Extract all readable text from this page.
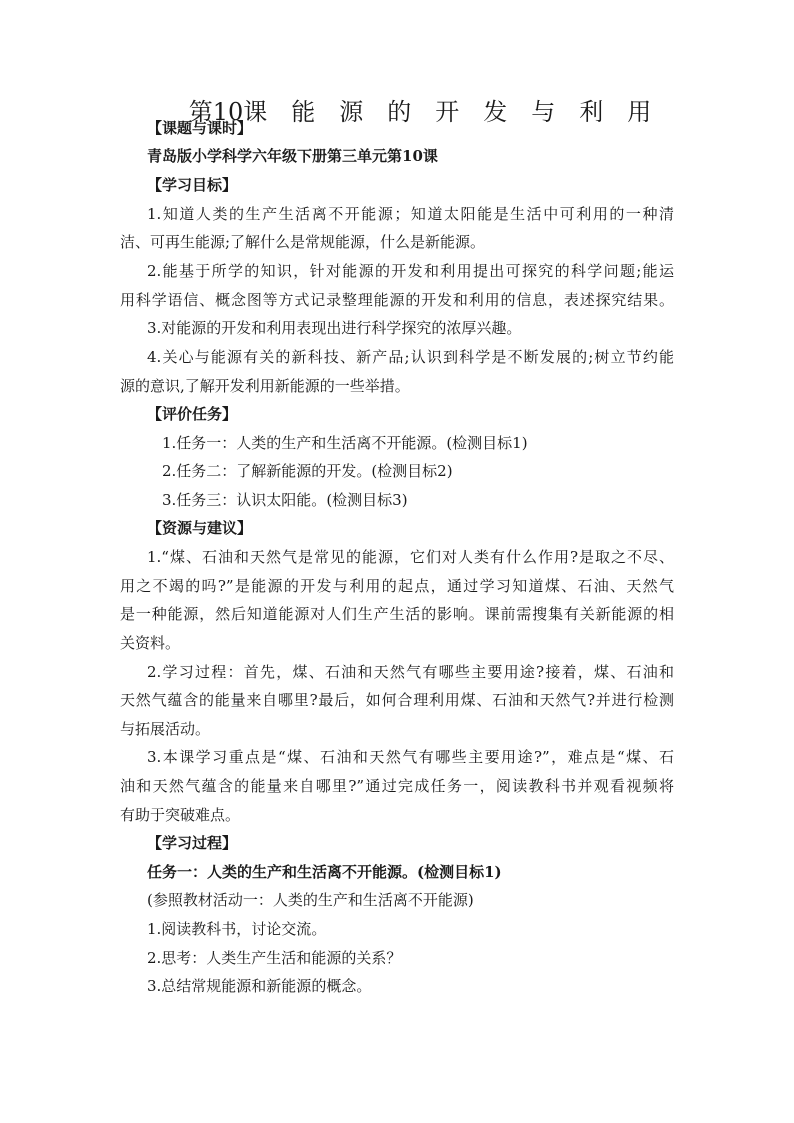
第10课 能 源 的 开 发 与 利 用
【课题与课时】
青岛版小学科学六年级下册第三单元第10课
【学习目标】
1.知道人类的生产生活离不开能源；知道太阳能是生活中可利用的一种清
洁、可再生能源;了解什么是常规能源，什么是新能源。
2.能基于所学的知识，针对能源的开发和利用提出可探究的科学问题;能运
用科学语信、概念图等方式记录整理能源的开发和利用的信息，表述探究结果。
3.对能源的开发和利用表现出进行科学探究的浓厚兴趣。
4.关心与能源有关的新科技、新产品;认识到科学是不断发展的;树立节约能
源的意识,了解开发利用新能源的一些举措。
【评价任务】
1.任务一：人类的生产和生活离不开能源。(检测目标1)
2.任务二：了解新能源的开发。(检测目标2)
3.任务三：认识太阳能。(检测目标3)
【资源与建议】
1.“煤、石油和天然气是常见的能源，它们对人类有什么作用?是取之不尽、
用之不竭的吗?”是能源的开发与利用的起点，通过学习知道煤、石油、天然气
是一种能源，然后知道能源对人们生产生活的影响。课前需搜集有关新能源的相
关资料。
2.学习过程：首先，煤、石油和天然气有哪些主要用途?接着，煤、石油和
天然气蕴含的能量来自哪里?最后，如何合理利用煤、石油和天然气?并进行检测
与拓展活动。
3.本课学习重点是“煤、石油和天然气有哪些主要用途?”，难点是“煤、石
油和天然气蕴含的能量来自哪里?”通过完成任务一，阅读教科书并观看视频将
有助于突破难点。
【学习过程】
任务一：人类的生产和生活离不开能源。(检测目标1)
(参照教材活动一：人类的生产和生活离不开能源)
1.阅读教科书，讨论交流。
2.思考：人类生产生活和能源的关系？
3.总结常规能源和新能源的概念。
